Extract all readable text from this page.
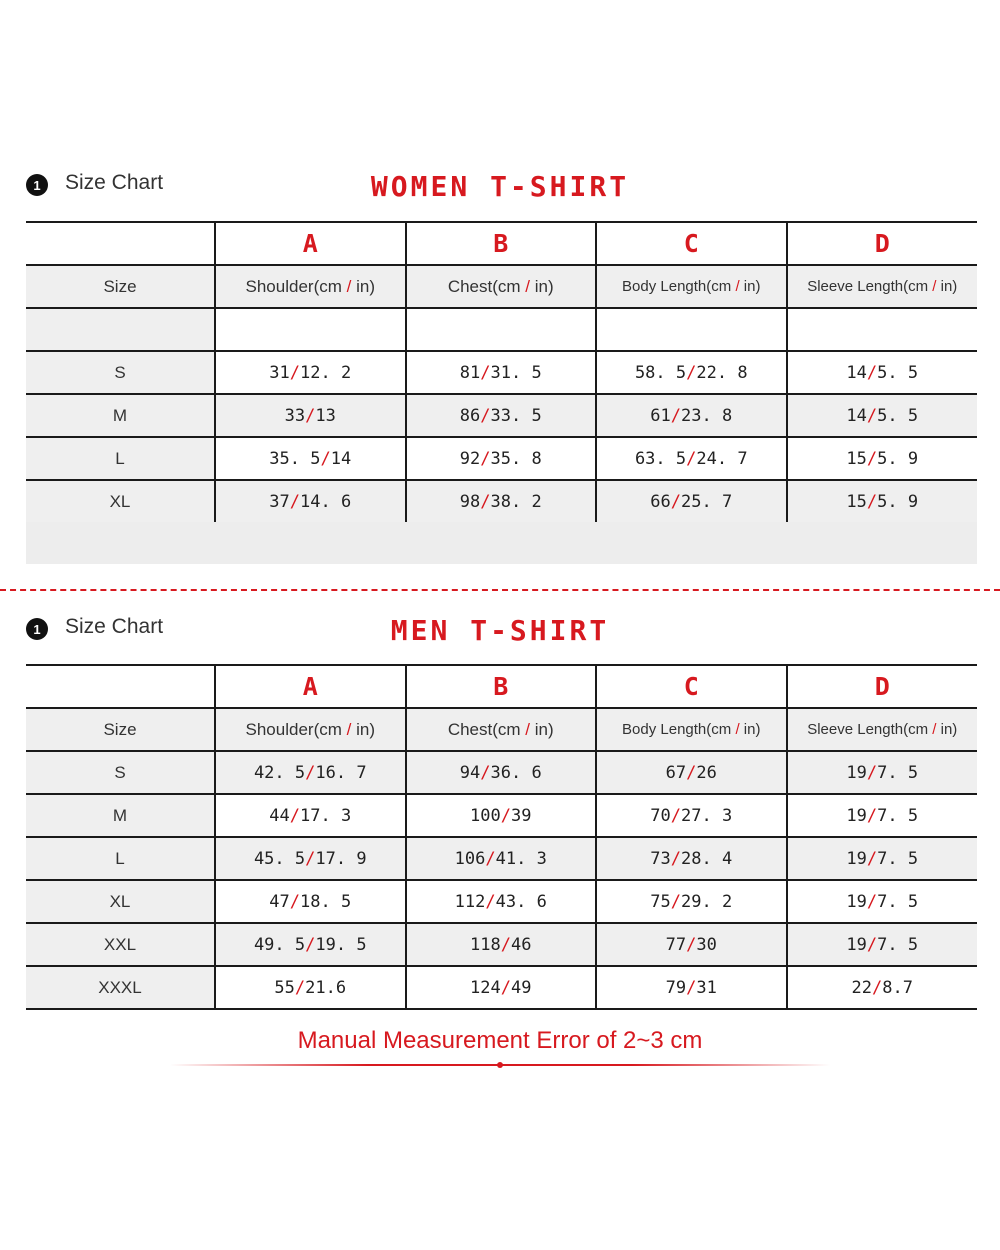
1	Size Chart	WOMEN T-SHIRT
	A	B	C	D
Size	Shoulder(cm / in)	Chest(cm / in)	Body Length(cm / in)	Sleeve Length(cm / in)

S	31/12. 2	81/31. 5	58. 5/22. 8	14/5. 5
M	33/13	86/33. 5	61/23. 8	14/5. 5
L	35. 5/14	92/35. 8	63. 5/24. 7	15/5. 9
XL	37/14. 6	98/38. 2	66/25. 7	15/5. 9
1	Size Chart	MEN T-SHIRT
	A	B	C	D
Size	Shoulder(cm / in)	Chest(cm / in)	Body Length(cm / in)	Sleeve Length(cm / in)
S	42. 5/16. 7	94/36. 6	67/26	19/7. 5
M	44/17. 3	100/39	70/27. 3	19/7. 5
L	45. 5/17. 9	106/41. 3	73/28. 4	19/7. 5
XL	47/18. 5	112/43. 6	75/29. 2	19/7. 5
XXL	49. 5/19. 5	118/46	77/30	19/7. 5
XXXL	55/21.6	124/49	79/31	22/8.7
Manual Measurement Error of 2~3 cm
